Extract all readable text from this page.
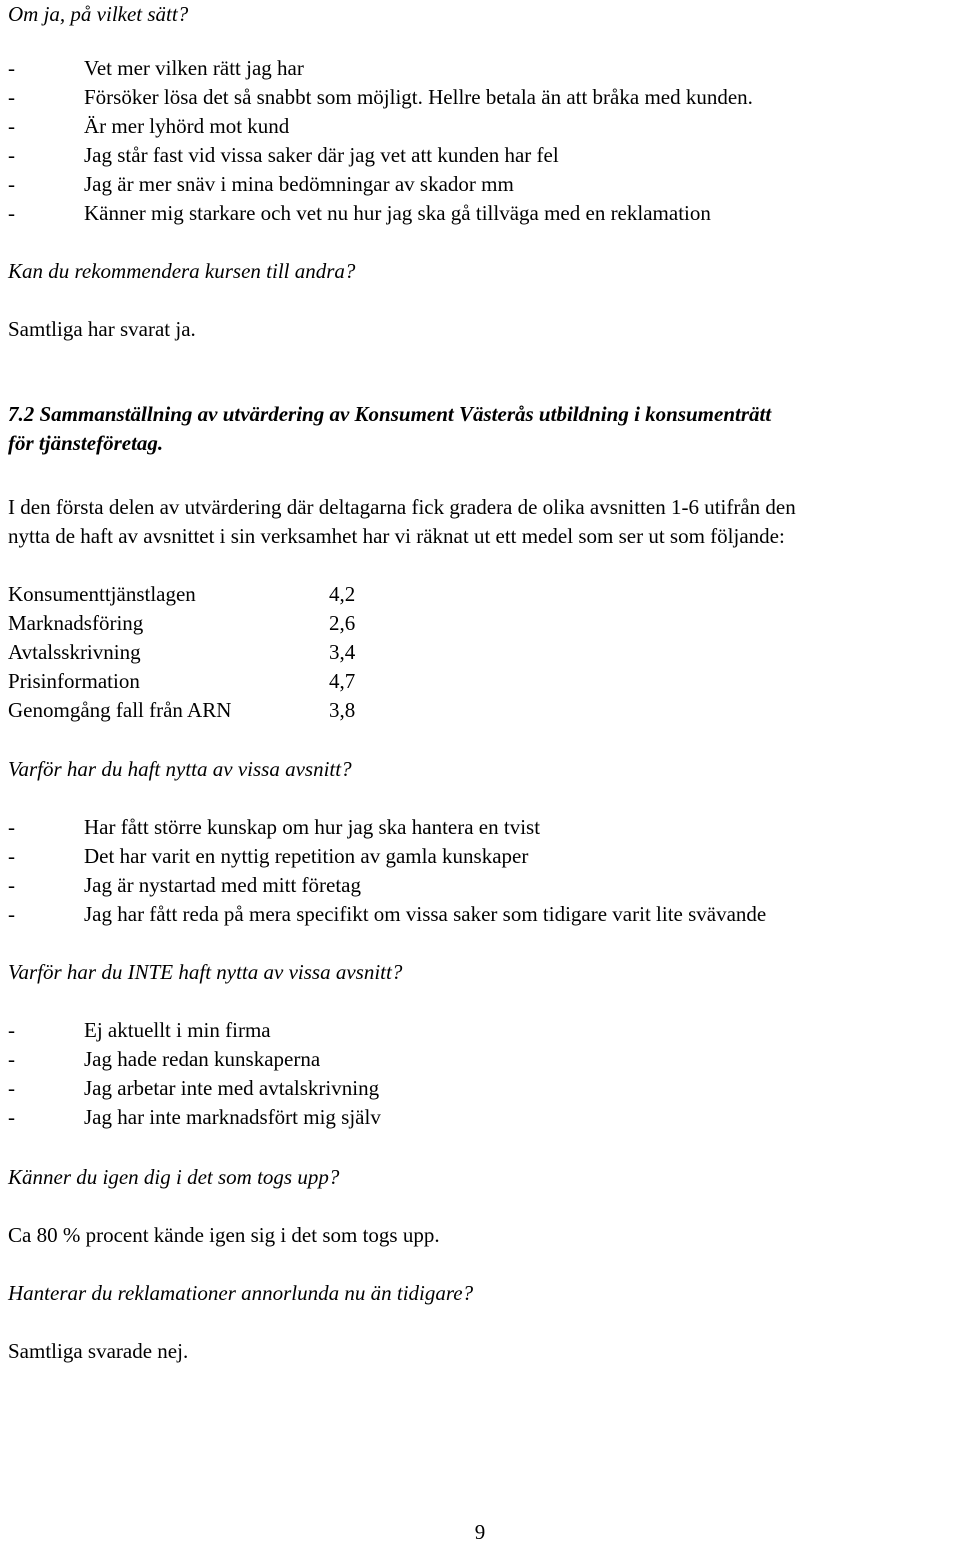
Om ja, på vilket sätt?
-	Vet mer vilken rätt jag har
-	Försöker lösa det så snabbt som möjligt. Hellre betala än att bråka med kunden.
-	Är mer lyhörd mot kund
-	Jag står fast vid vissa saker där jag vet att kunden har fel
-	Jag är mer snäv i mina bedömningar av skador mm
-	Känner mig starkare och vet nu hur jag ska gå tillväga med en reklamation
Kan du rekommendera kursen till andra?
Samtliga har svarat ja.
7.2 Sammanställning av utvärdering av Konsument Västerås utbildning i konsumenträtt
för tjänsteföretag.
I den första delen av utvärdering där deltagarna fick gradera de olika avsnitten 1-6 utifrån den
nytta de haft av avsnittet i sin verksamhet har vi räknat ut ett medel som ser ut som följande:
Konsumenttjänstlagen	4,2
Marknadsföring	2,6
Avtalsskrivning	3,4
Prisinformation	4,7
Genomgång fall från ARN	3,8
Varför har du haft nytta av vissa avsnitt?
-	Har fått större kunskap om hur jag ska hantera en tvist
-	Det har varit en nyttig repetition av gamla kunskaper
-	Jag är nystartad med mitt företag
-	Jag har fått reda på mera specifikt om vissa saker som tidigare varit lite svävande
Varför har du INTE haft nytta av vissa avsnitt?
-	Ej aktuellt i min firma
-	Jag hade redan kunskaperna
-	Jag arbetar inte med avtalskrivning
-	Jag har inte marknadsfört mig själv
Känner du igen dig i det som togs upp?
Ca 80 % procent kände igen sig i det som togs upp.
Hanterar du reklamationer annorlunda nu än tidigare?
Samtliga svarade nej.
9
